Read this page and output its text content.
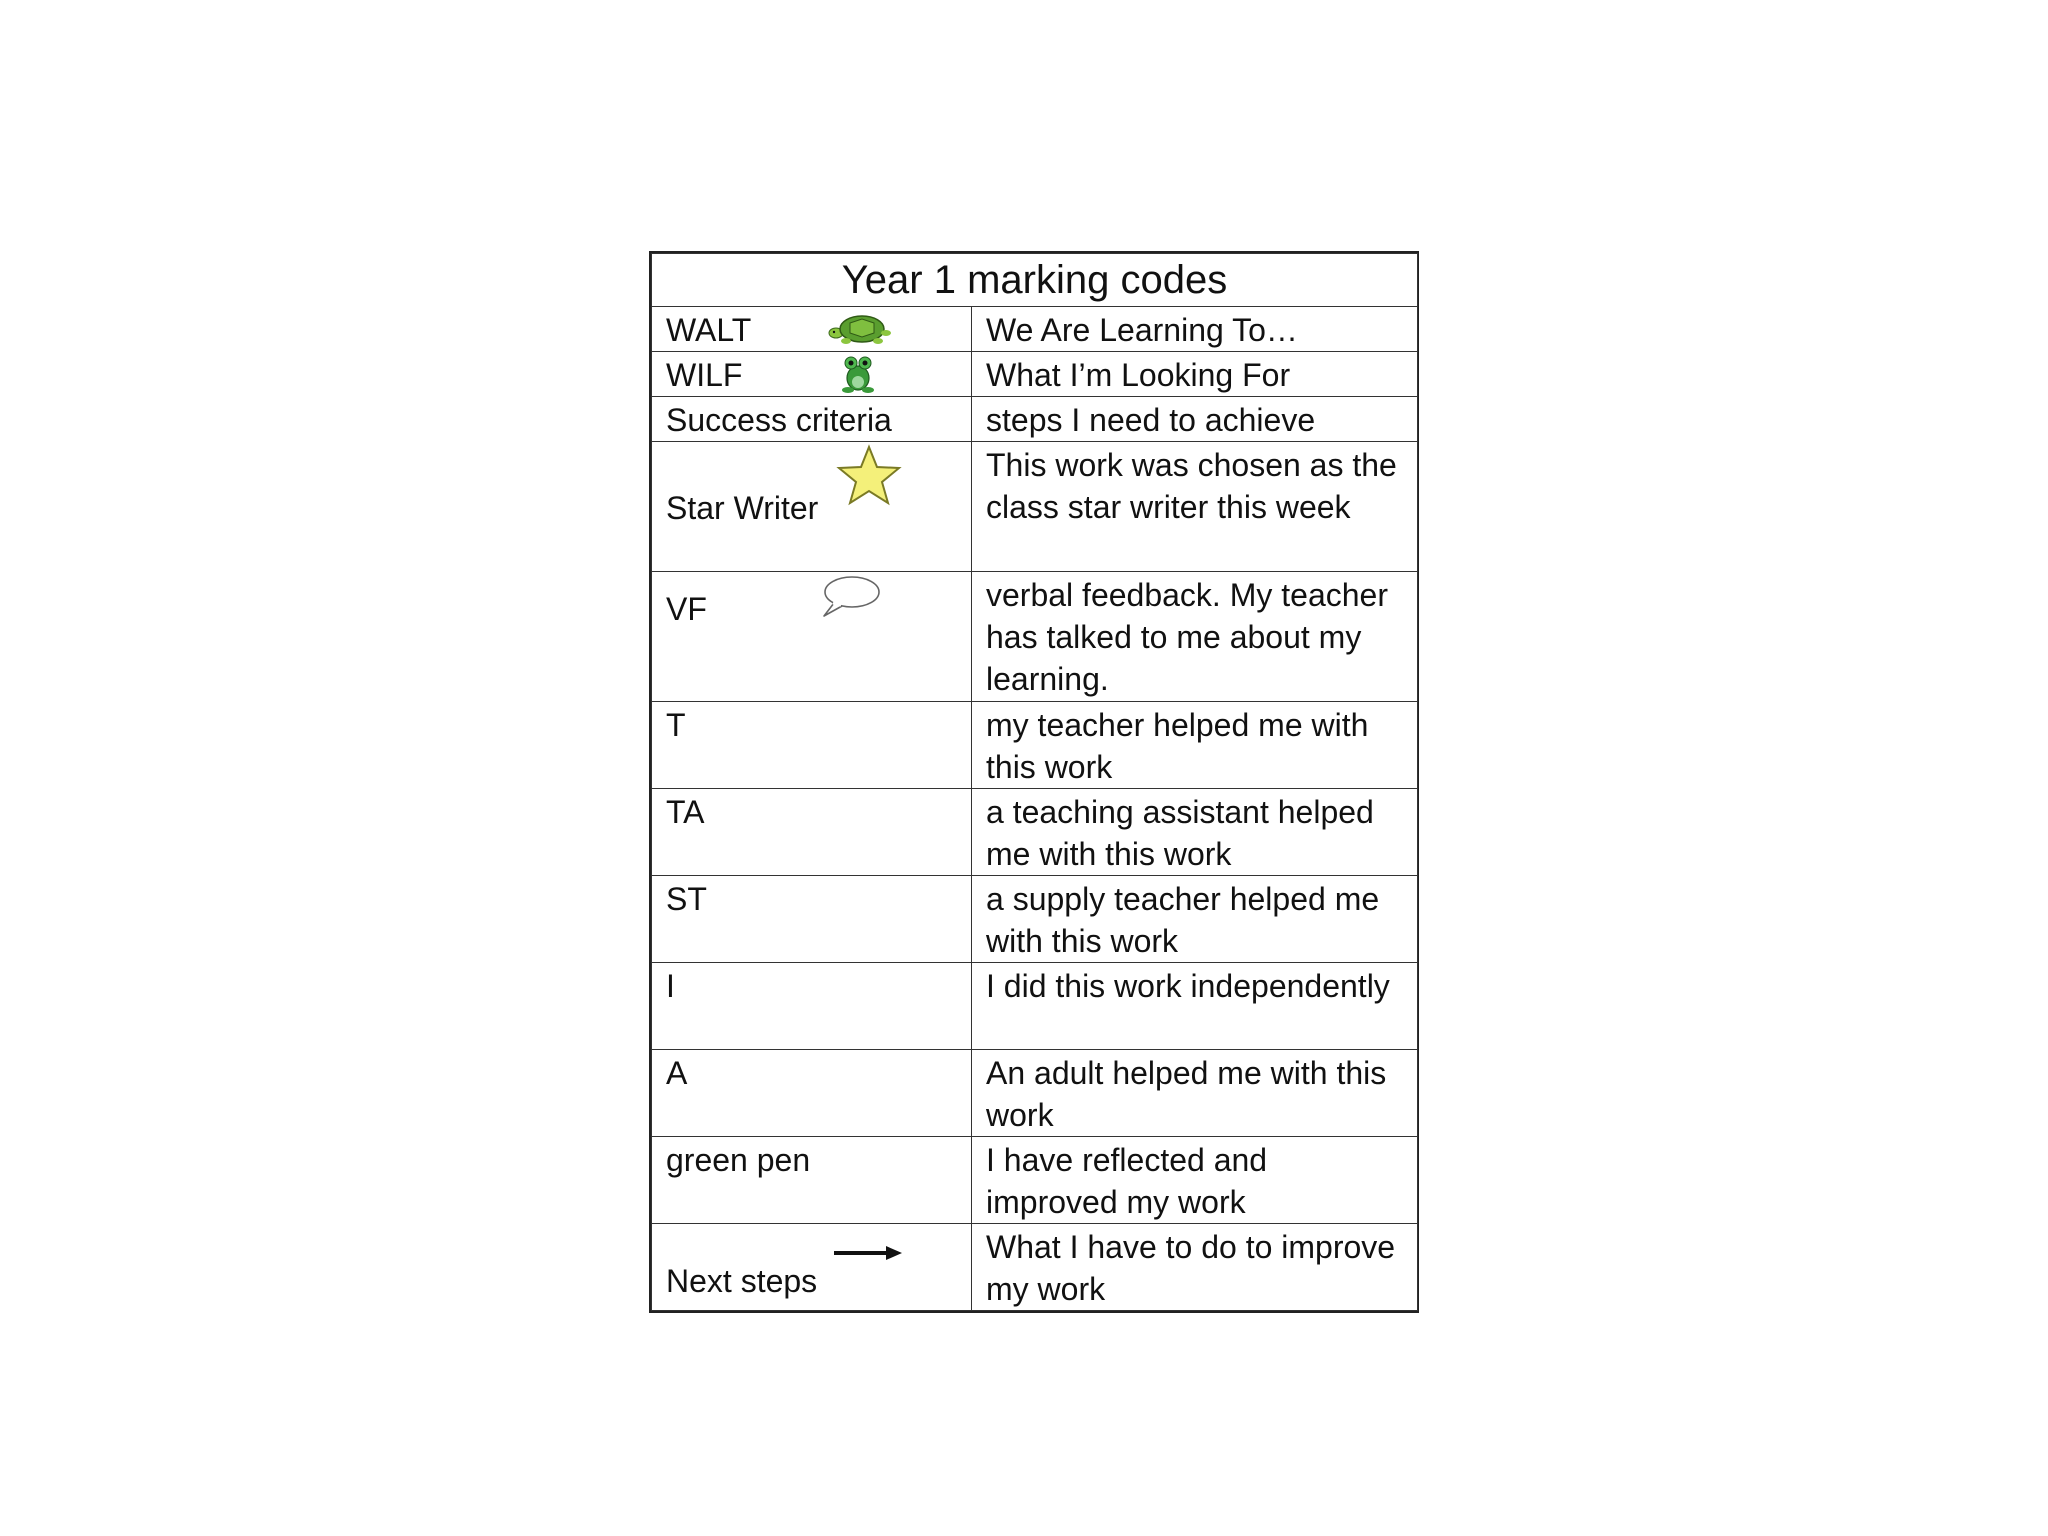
Year 1 marking codes	
WALT	We Are Learning To…
WILF	What I’m Looking For
Success criteria	steps I need to achieve
Star Writer	This work was chosen as the class star writer this week
VF	verbal feedback. My teacher has talked to me about my learning.
T	my teacher helped me with this work
TA	a teaching assistant helped me with this work
ST	a supply teacher helped me with this work
I	I did this work independently
A	An adult helped me with this work
green pen	I have reflected and improved my work
Next steps	What I have to do to improve my work
